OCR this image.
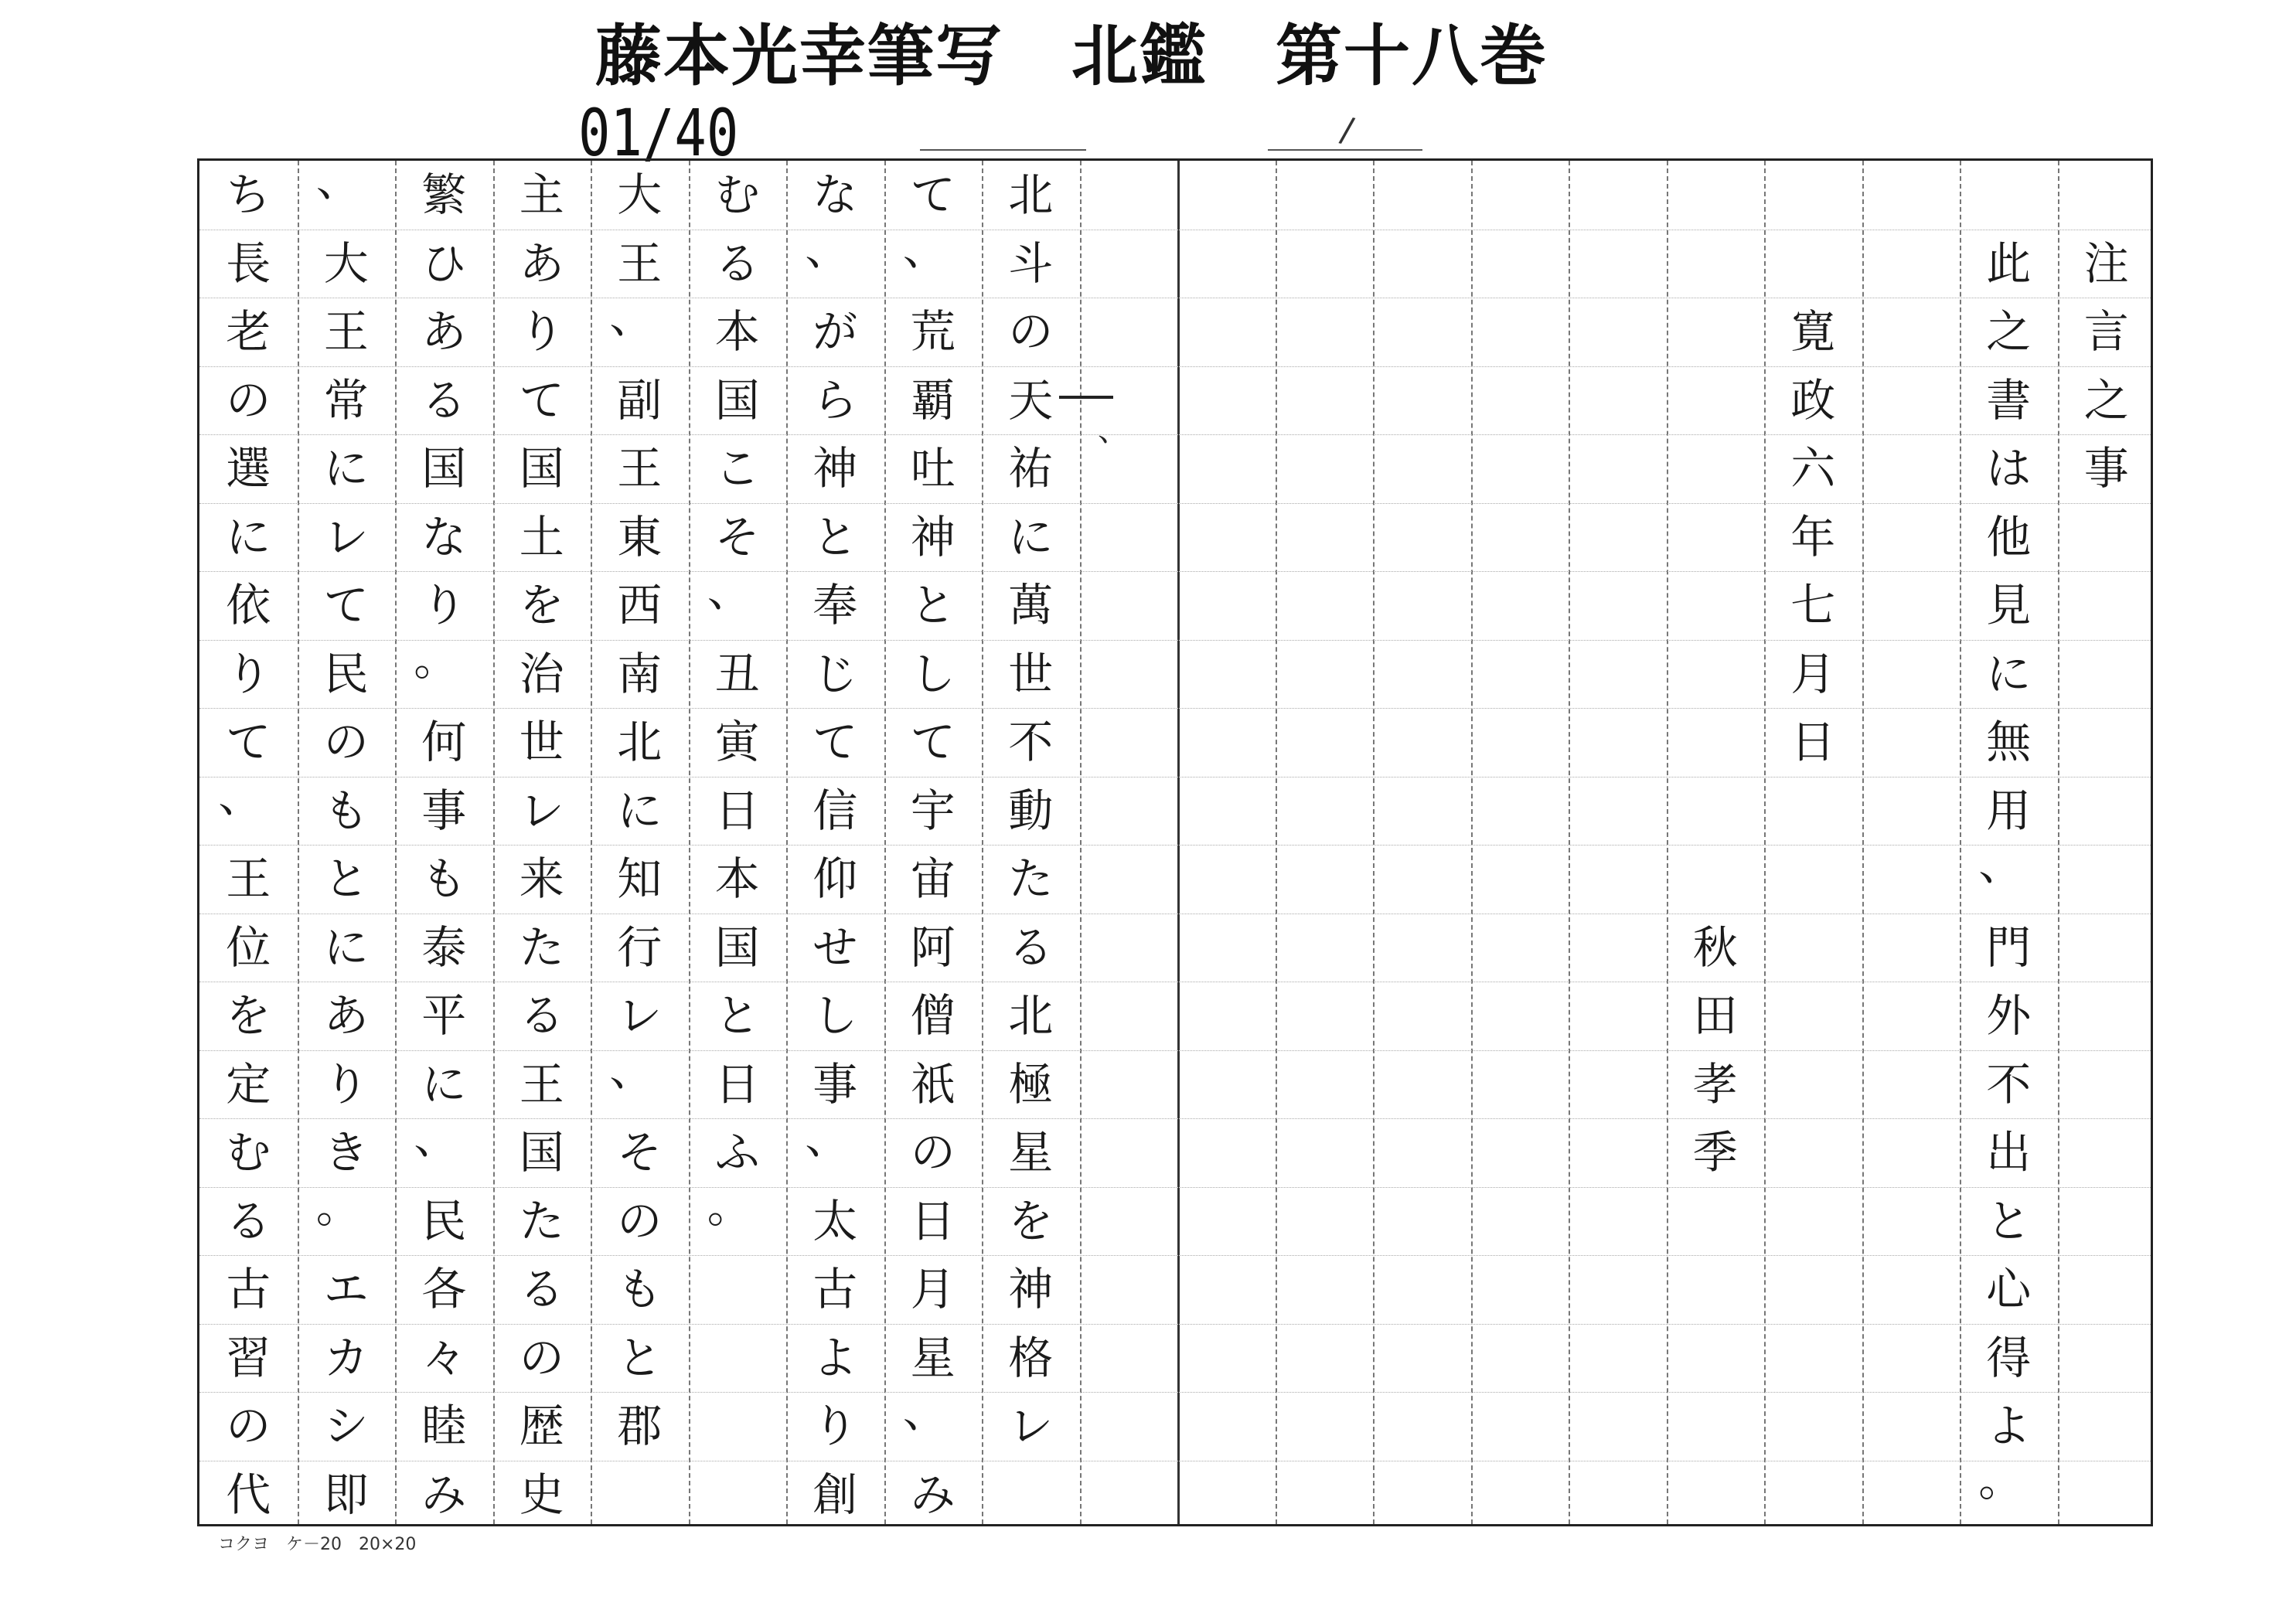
藤本光幸筆写　北鑑　第十八巻
01/40	/
注
言
之
事
此
之
書
は
他
見
に
無
用
、
門
外
不
出
と
心
得
よ
。
寛
政
六
年
七
月
日
秋
田
孝
季
北
斗
の
天
祐
に
萬
世
不
動
た
る
北
極
星
を
神
格
レ
て
、
荒
覇
吐
神
と
し
て
宇
宙
阿
僧
祇
の
日
月
星
、
み
な
、
が
ら
神
と
奉
じ
て
信
仰
せ
し
事
、
太
古
よ
り
創
む
る
本
国
こ
そ
、
丑
寅
日
本
国
と
日
ふ
。
大
王
、
副
王
東
西
南
北
に
知
行
レ
、
そ
の
も
と
郡
主
あ
り
て
国
土
を
治
世
レ
来
た
る
王
国
た
る
の
歴
史
繁
ひ
あ
る
国
な
り
。
何
事
も
泰
平
に
、
民
各
々
睦
み
、
大
王
常
に
レ
て
民
の
も
と
に
あ
り
き
。
エ
カ
シ
即
ち
長
老
の
選
に
依
り
て
、
王
位
を
定
む
る
古
習
の
代
、
コクヨ　ケ－20　20×20
